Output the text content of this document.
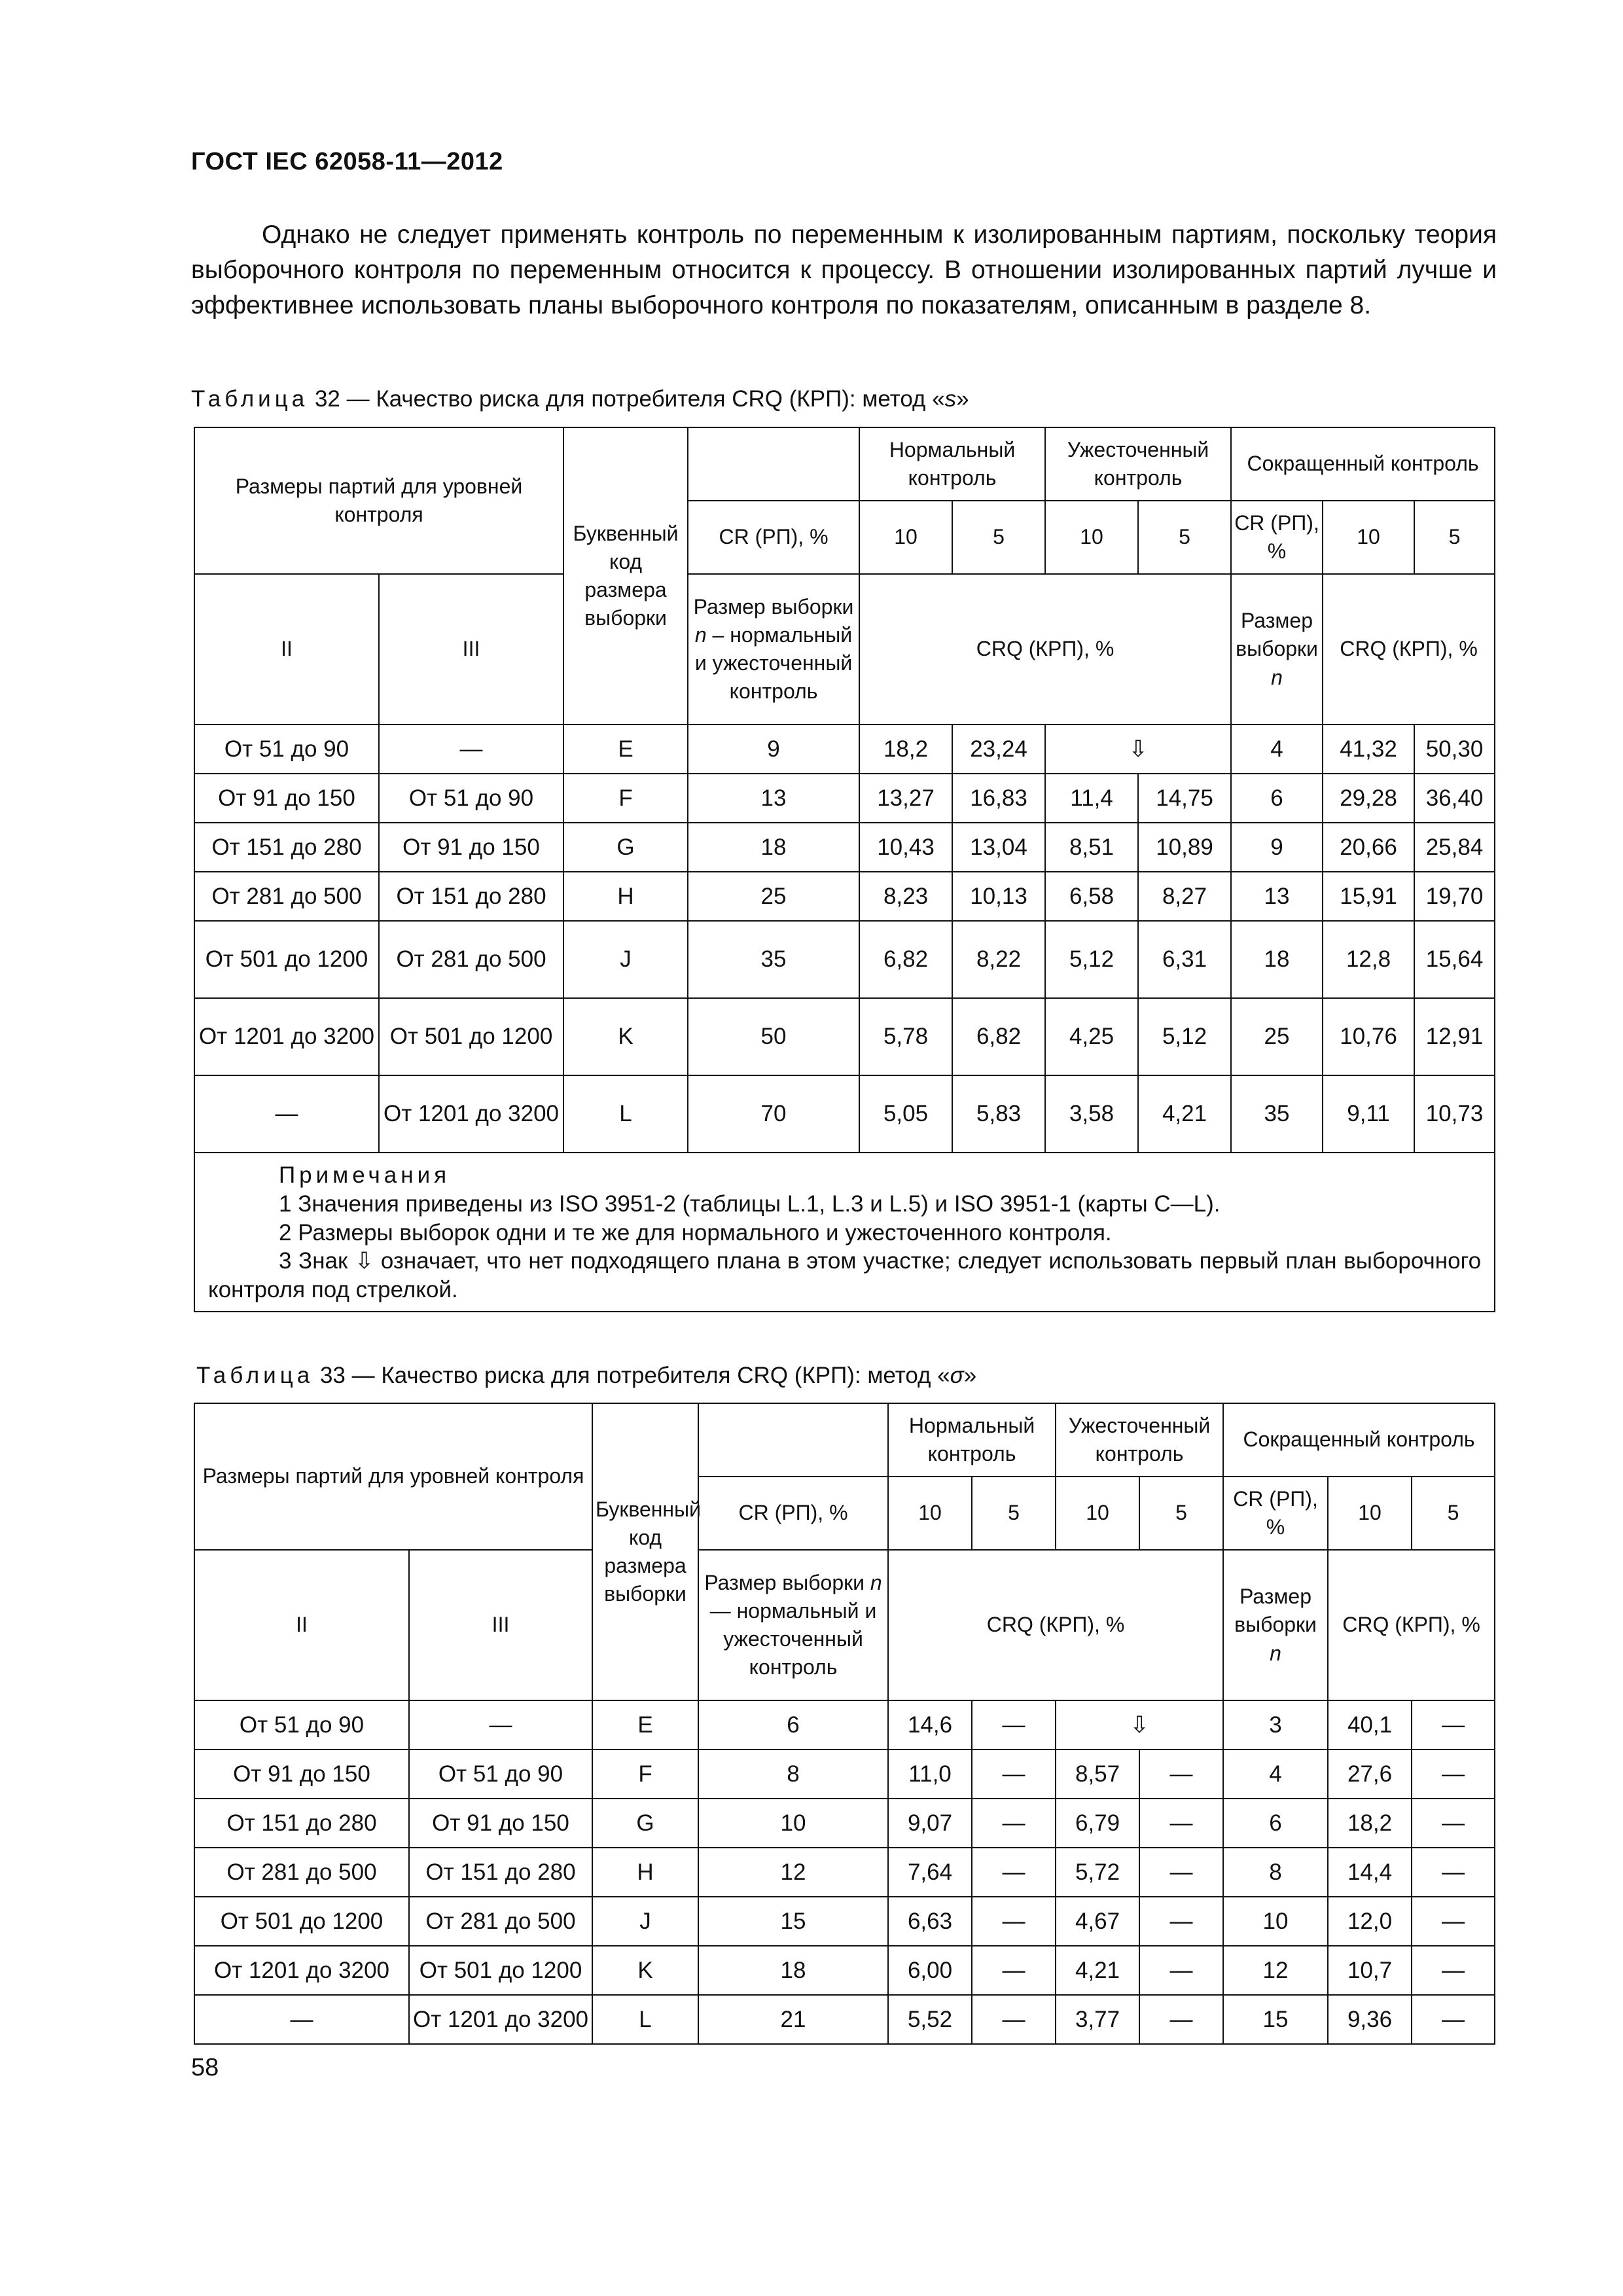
ГОСТ IEC 62058-11—2012

Однако не следует применять контроль по переменным к изолированным партиям, поскольку теория выборочного контроля по переменным относится к процессу. В отношении изолированных партий лучше и эффективнее использовать планы выборочного контроля по показателям, описанным в разделе 8.

Таблица 32 — Качество риска для потребителя CRQ (КРП): метод «s»
Размеры партий для уровней контроля		Буквенный код размера выборки		Нормальный контроль		Ужесточенный контроль		Сокращенный контроль		
			CR (РП), %	10	5	10	5	CR (РП), %	10	5
II	III		Размер выборки n – нормальный и ужесточенный контроль	CRQ (КРП), %				Размер выборки n	CRQ (КРП), %	
От 51 до 90	—	E	9	18,2	23,24	⇩		4	41,32	50,30
От 91 до 150	От 51 до 90	F	13	13,27	16,83	11,4	14,75	6	29,28	36,40
От 151 до 280	От 91 до 150	G	18	10,43	13,04	8,51	10,89	9	20,66	25,84
От 281 до 500	От 151 до 280	H	25	8,23	10,13	6,58	8,27	13	15,91	19,70
От 501 до 1200	От 281 до 500	J	35	6,82	8,22	5,12	6,31	18	12,8	15,64
От 1201 до 3200	От 501 до 1200	K	50	5,78	6,82	4,25	5,12	25	10,76	12,91
—	От 1201 до 3200	L	70	5,05	5,83	3,58	4,21	35	9,11	10,73

Примечания
1 Значения приведены из ISO 3951-2 (таблицы L.1, L.3 и L.5) и ISO 3951-1 (карты С—L).
2 Размеры выборок одни и те же для нормального и ужесточенного контроля.
3 Знак ⇩ означает, что нет подходящего плана в этом участке; следует использовать первый план выборочного контроля под стрелкой.										
Таблица 33 — Качество риска для потребителя CRQ (КРП): метод «σ»
Размеры партий для уровней контроля		Буквенный код размера выборки		Нормальный контроль		Ужесточенный контроль		Сокращенный контроль		
			CR (РП), %	10	5	10	5	CR (РП), %	10	5
II	III		Размер выборки n — нормальный и ужесточенный контроль	CRQ (КРП), %				Размер выборки n	CRQ (КРП), %	
От 51 до 90	—	E	6	14,6	—	⇩		3	40,1	—
От 91 до 150	От 51 до 90	F	8	11,0	—	8,57	—	4	27,6	—
От 151 до 280	От 91 до 150	G	10	9,07	—	6,79	—	6	18,2	—
От 281 до 500	От 151 до 280	H	12	7,64	—	5,72	—	8	14,4	—
От 501 до 1200	От 281 до 500	J	15	6,63	—	4,67	—	10	12,0	—
От 1201 до 3200	От 501 до 1200	K	18	6,00	—	4,21	—	12	10,7	—
—	От 1201 до 3200	L	21	5,52	—	3,77	—	15	9,36	—
58
